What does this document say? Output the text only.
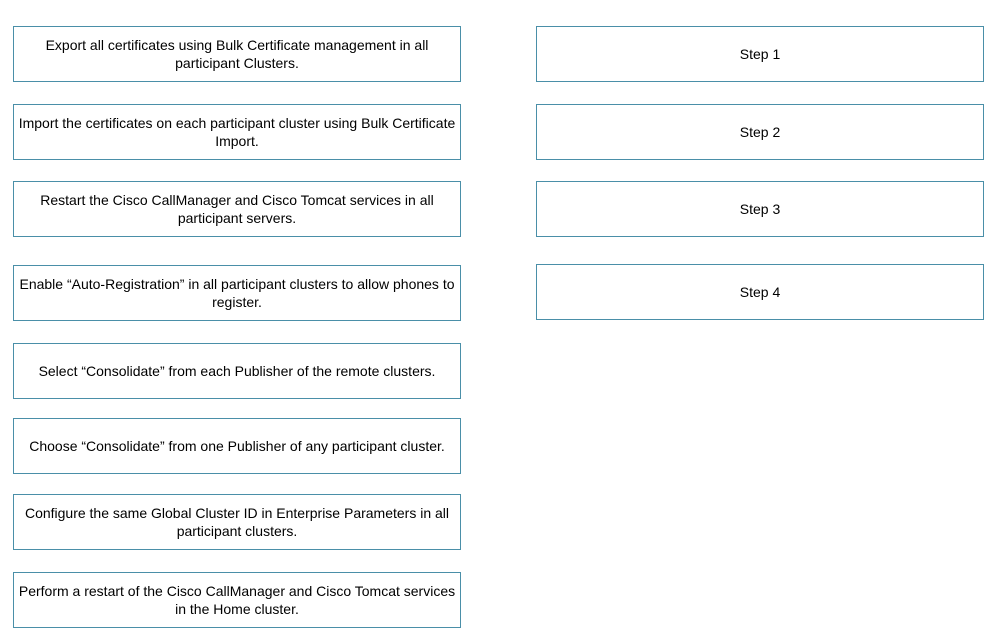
Export all certificates using Bulk Certificate management in all participant Clusters.
Import the certificates on each participant cluster using Bulk Certificate Import.
Restart the Cisco CallManager and Cisco Tomcat services in all participant servers.
Enable “Auto-Registration” in all participant clusters to allow phones to register.
Select “Consolidate” from each Publisher of the remote clusters.
Choose “Consolidate” from one Publisher of any participant cluster.
Configure the same Global Cluster ID in Enterprise Parameters in all participant clusters.
Perform a restart of the Cisco CallManager and Cisco Tomcat services in the Home cluster.
Step 1
Step 2
Step 3
Step 4
